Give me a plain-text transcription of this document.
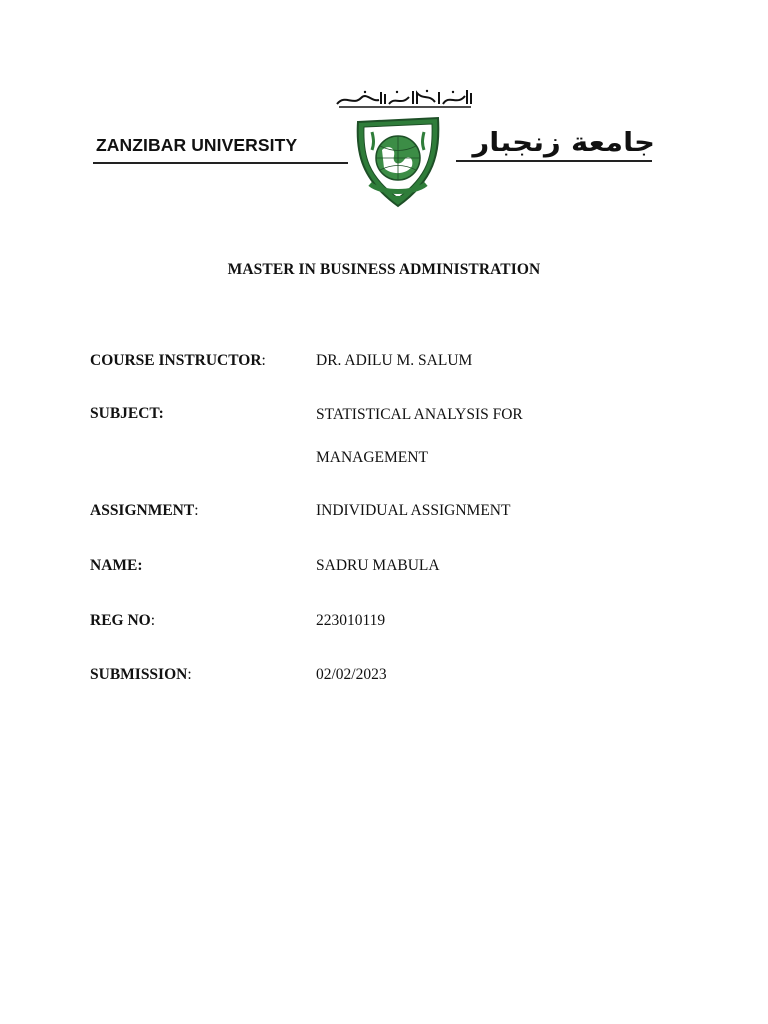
ZANZIBAR UNIVERSITY	جامعة زنجبار
MASTER IN BUSINESS ADMINISTRATION
COURSE INSTRUCTOR:	DR. ADILU M. SALUM
SUBJECT:	STATISTICAL ANALYSIS FOR MANAGEMENT
ASSIGNMENT:	INDIVIDUAL ASSIGNMENT
NAME:	SADRU MABULA
REG NO:	223010119
SUBMISSION:	02/02/2023
